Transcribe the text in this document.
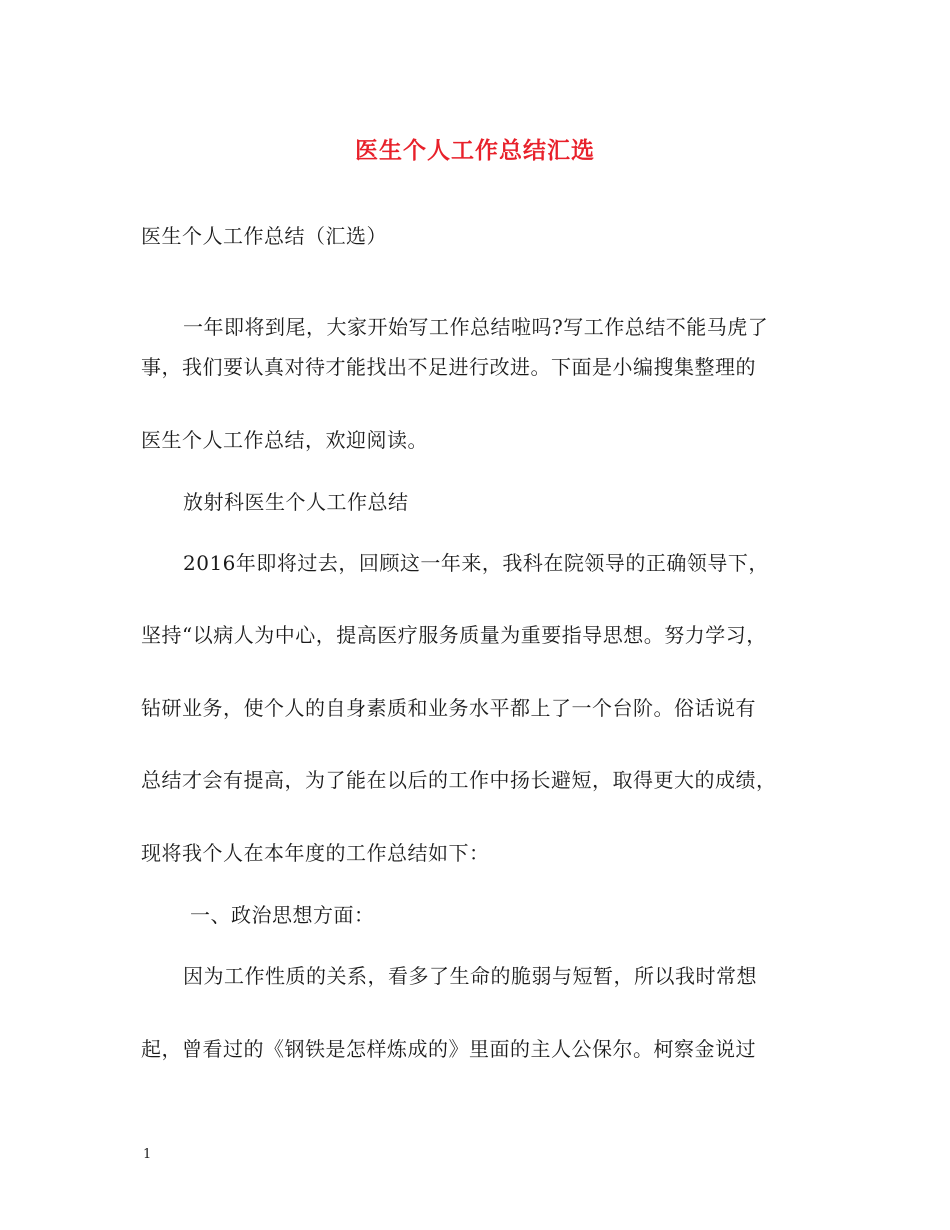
医生个人工作总结汇选
医生个人工作总结（汇选）
一年即将到尾，大家开始写工作总结啦吗?写工作总结不能马虎了
事，我们要认真对待才能找出不足进行改进。下面是小编搜集整理的
医生个人工作总结，欢迎阅读。
放射科医生个人工作总结
2016年即将过去，回顾这一年来，我科在院领导的正确领导下，
坚持“以病人为中心，提高医疗服务质量为重要指导思想。努力学习，
钻研业务，使个人的自身素质和业务水平都上了一个台阶。俗话说有
总结才会有提高，为了能在以后的工作中扬长避短，取得更大的成绩，
现将我个人在本年度的工作总结如下：
一、政治思想方面：
因为工作性质的关系，看多了生命的脆弱与短暂，所以我时常想
起，曾看过的《钢铁是怎样炼成的》里面的主人公保尔。柯察金说过
1
